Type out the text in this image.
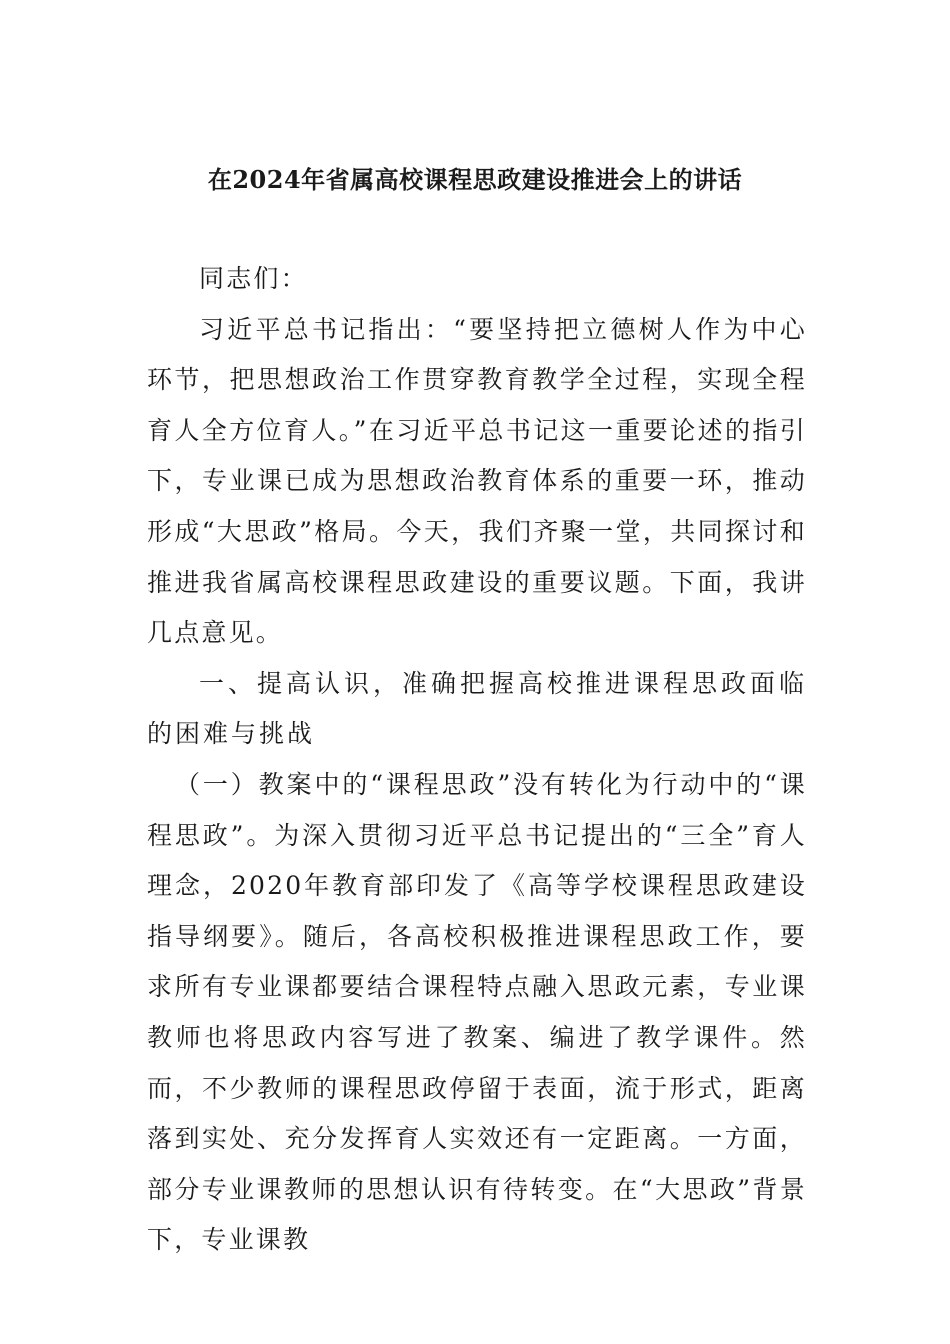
在2024年省属高校课程思政建设推进会上的讲话

同志们：

习近平总书记指出：“要坚持把立德树人作为中心环节，把思想政治工作贯穿教育教学全过程，实现全程育人全方位育人。”在习近平总书记这一重要论述的指引下，专业课已成为思想政治教育体系的重要一环，推动形成“大思政”格局。今天，我们齐聚一堂，共同探讨和推进我省属高校课程思政建设的重要议题。下面，我讲几点意见。

一、提高认识，准确把握高校推进课程思政面临的困难与挑战

（一）教案中的“课程思政”没有转化为行动中的“课程思政”。为深入贯彻习近平总书记提出的“三全”育人理念，2020年教育部印发了《高等学校课程思政建设指导纲要》。随后，各高校积极推进课程思政工作，要求所有专业课都要结合课程特点融入思政元素，专业课教师也将思政内容写进了教案、编进了教学课件。然而，不少教师的课程思政停留于表面，流于形式，距离落到实处、充分发挥育人实效还有一定距离。一方面，部分专业课教师的思想认识有待转变。在“大思政”背景下，专业课教
